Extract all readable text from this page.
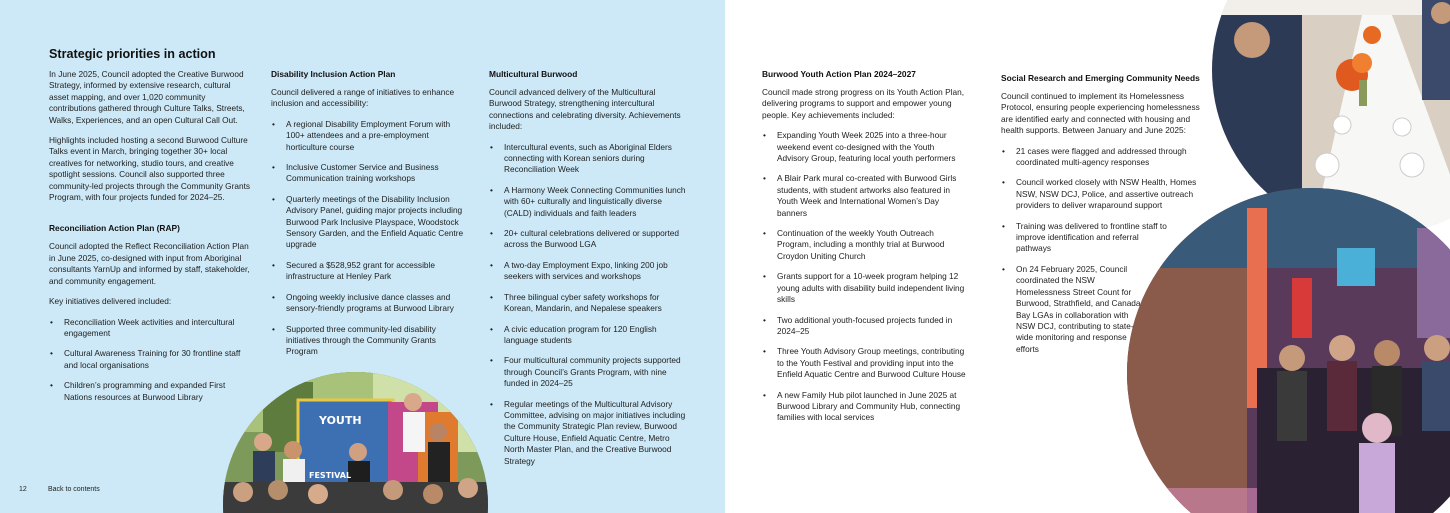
Strategic priorities in action

In June 2025, Council adopted the Creative Burwood Strategy, informed by extensive research, cultural asset mapping, and over 1,020 community contributions gathered through Culture Talks, Streets, Walks, Experiences, and an open Cultural Call Out.

Highlights included hosting a second Burwood Culture Talks event in March, bringing together 30+ local creatives for networking, studio tours, and creative spotlight sessions. Council also supported three community-led projects through the Community Grants Program, with four projects funded for 2024–25.

Reconciliation Action Plan (RAP)

Council adopted the Reflect Reconciliation Action Plan in June 2025, co-designed with input from Aboriginal consultants YarnUp and informed by staff, stakeholder, and community engagement.

Key initiatives delivered included:

• Reconciliation Week activities and intercultural engagement
• Cultural Awareness Training for 30 frontline staff and local organisations
• Children’s programming and expanded First Nations resources at Burwood Library
Disability Inclusion Action Plan

Council delivered a range of initiatives to enhance inclusion and accessibility:

• A regional Disability Employment Forum with 100+ attendees and a pre-employment horticulture course
• Inclusive Customer Service and Business Communication training workshops
• Quarterly meetings of the Disability Inclusion Advisory Panel, guiding major projects including Burwood Park Inclusive Playspace, Woodstock Sensory Garden, and the Enfield Aquatic Centre upgrade
• Secured a $528,952 grant for accessible infrastructure at Henley Park
• Ongoing weekly inclusive dance classes and sensory-friendly programs at Burwood Library
• Supported three community-led disability initiatives through the Community Grants Program
Multicultural Burwood

Council advanced delivery of the Multicultural Burwood Strategy, strengthening intercultural connections and celebrating diversity. Achievements included:

• Intercultural events, such as Aboriginal Elders connecting with Korean seniors during Reconciliation Week
• A Harmony Week Connecting Communities lunch with 60+ culturally and linguistically diverse (CALD) individuals and faith leaders
• 20+ cultural celebrations delivered or supported across the Burwood LGA
• A two-day Employment Expo, linking 200 job seekers with services and workshops
• Three bilingual cyber safety workshops for Korean, Mandarin, and Nepalese speakers
• A civic education program for 120 English language students
• Four multicultural community projects supported through Council’s Grants Program, with nine funded in 2024–25
• Regular meetings of the Multicultural Advisory Committee, advising on major initiatives including the Community Strategic Plan review, Burwood Culture House, Enfield Aquatic Centre, Metro North Master Plan, and the Creative Burwood Strategy
YOUTH
FESTIVAL
12	Back to contents
Burwood Youth Action Plan 2024–2027

Council made strong progress on its Youth Action Plan, delivering programs to support and empower young people. Key achievements included:

• Expanding Youth Week 2025 into a three-hour weekend event co-designed with the Youth Advisory Group, featuring local youth performers
• A Blair Park mural co-created with Burwood Girls students, with student artworks also featured in Youth Week and International Women’s Day banners
• Continuation of the weekly Youth Outreach Program, including a monthly trial at Burwood Croydon Uniting Church
• Grants support for a 10-week program helping 12 young adults with disability build independent living skills
• Two additional youth-focused projects funded in 2024–25
• Three Youth Advisory Group meetings, contributing to the Youth Festival and providing input into the Enfield Aquatic Centre and Burwood Culture House
• A new Family Hub pilot launched in June 2025 at Burwood Library and Community Hub, connecting families with local services
Social Research and Emerging Community Needs

Council continued to implement its Homelessness Protocol, ensuring people experiencing homelessness are identified early and connected with housing and health supports. Between January and June 2025:

• 21 cases were flagged and addressed through coordinated multi-agency responses
• Council worked closely with NSW Health, Homes NSW, NSW DCJ, Police, and assertive outreach providers to deliver wraparound support
• Training was delivered to frontline staff to improve identification and referral pathways
• On 24 February 2025, Council coordinated the NSW Homelessness Street Count for Burwood, Strathfield, and Canada Bay LGAs in collaboration with NSW DCJ, contributing to state-wide monitoring and response efforts
